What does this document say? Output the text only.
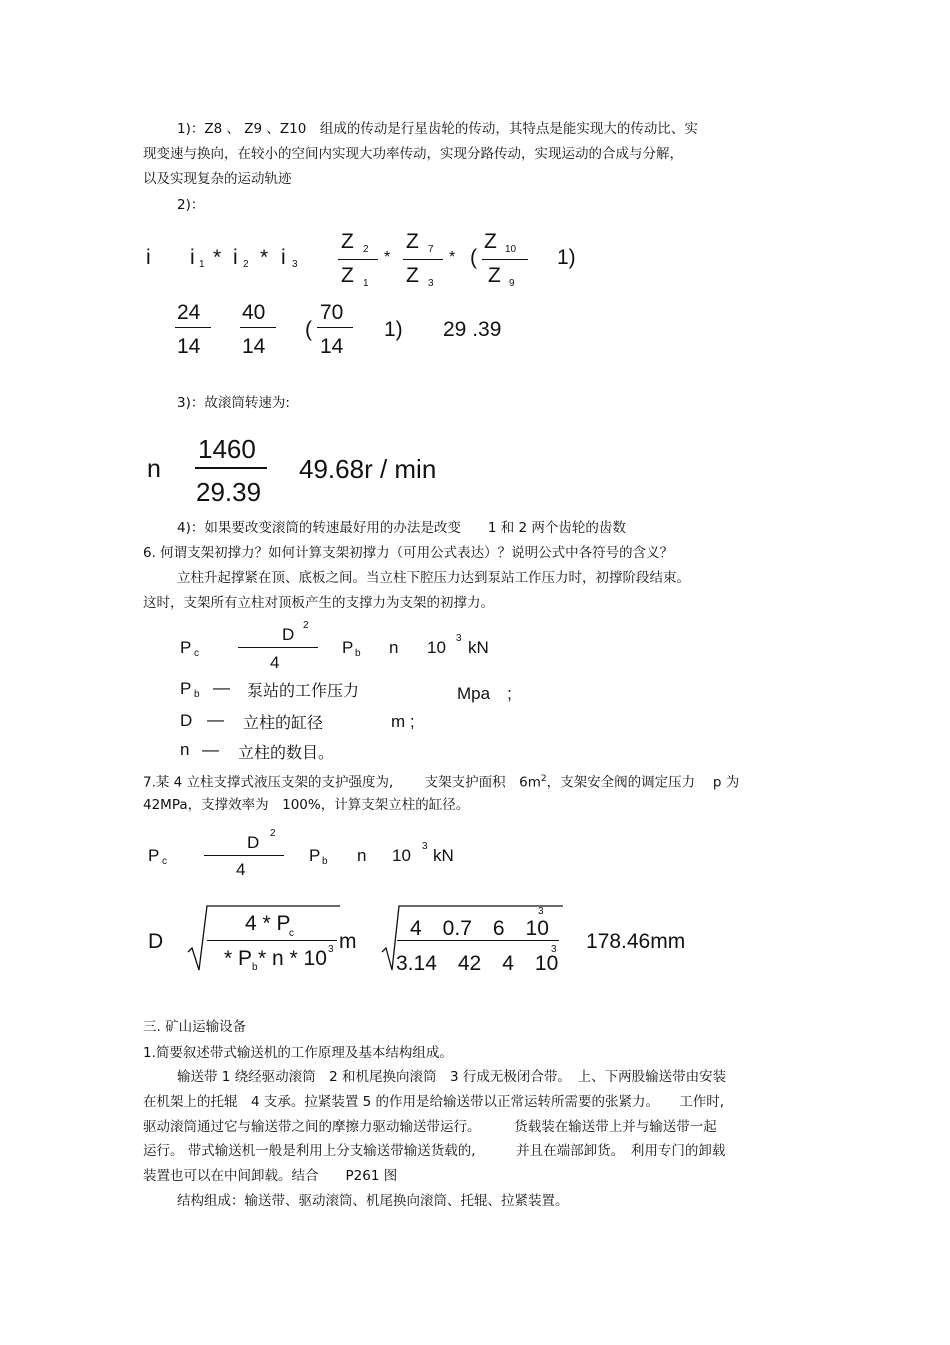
1)：Z8 、 Z9 、Z10　组成的传动是行星齿轮的传动，其特点是能实现大的传动比、实
现变速与换向，在较小的空间内实现大功率传动，实现分路传动，实现运动的合成与分解，
以及实现复杂的运动轨迹
2)：
i i 1 * i 2 * i 3
Z 2
Z 1
*
Z 7
Z 3
* (
Z 10
Z 9
1)
24
14
40
14
(
70
14
1) 29 .39
3)：故滚筒转速为:
n
1460
29.39
49.68r / min
4)：如果要改变滚筒的转速最好用的办法是改变　　1 和 2 两个齿轮的齿数
6. 何谓支架初撑力？如何计算支架初撑力（可用公式表达）？说明公式中各符号的含义？
立柱升起撑紧在顶、底板之间。当立柱下腔压力达到泵站工作压力时，初撑阶段结束。
这时，支架所有立柱对顶板产生的支撑力为支架的初撑力。
P c
D 2
4
P b n 10 3 kN
P b — 泵站的工作压力	Mpa　;
D — 立柱的缸径	m ;
n — 立柱的数目。
7.某 4 立柱支撑式液压支架的支护强度为,　　 支架支护面积　$6m^2$，支架安全阀的调定压力　 p 为
42MPa，支撑效率为　100%，计算支架立柱的缸径。
P c
D 2
4
P b n 10 3 kN
D
4 * P
c
* P b * n * 10 3 m
4　0.7　6　10
3
3.14　42　4　10
3 178.46mm
三. 矿山运输设备
1.简要叙述带式输送机的工作原理及基本结构组成。
输送带 1 绕经驱动滚筒　2 和机尾换向滚筒　3 行成无极闭合带。　上、下两股输送带由安装
在机架上的托辊　4 支承。拉紧装置 5 的作用是给输送带以正常运转所需要的张紧力。　　工作时,
驱动滚筒通过它与输送带之间的摩擦力驱动输送带运行。　　　货载装在输送带上并与输送带一起
运行。 带式输送机一般是利用上分支输送带输送货载的,　　　并且在端部卸货。　利用专门的卸载
装置也可以在中间卸载。结合　　P261 图
结构组成：输送带、驱动滚筒、机尾换向滚筒、托辊、拉紧装置。
